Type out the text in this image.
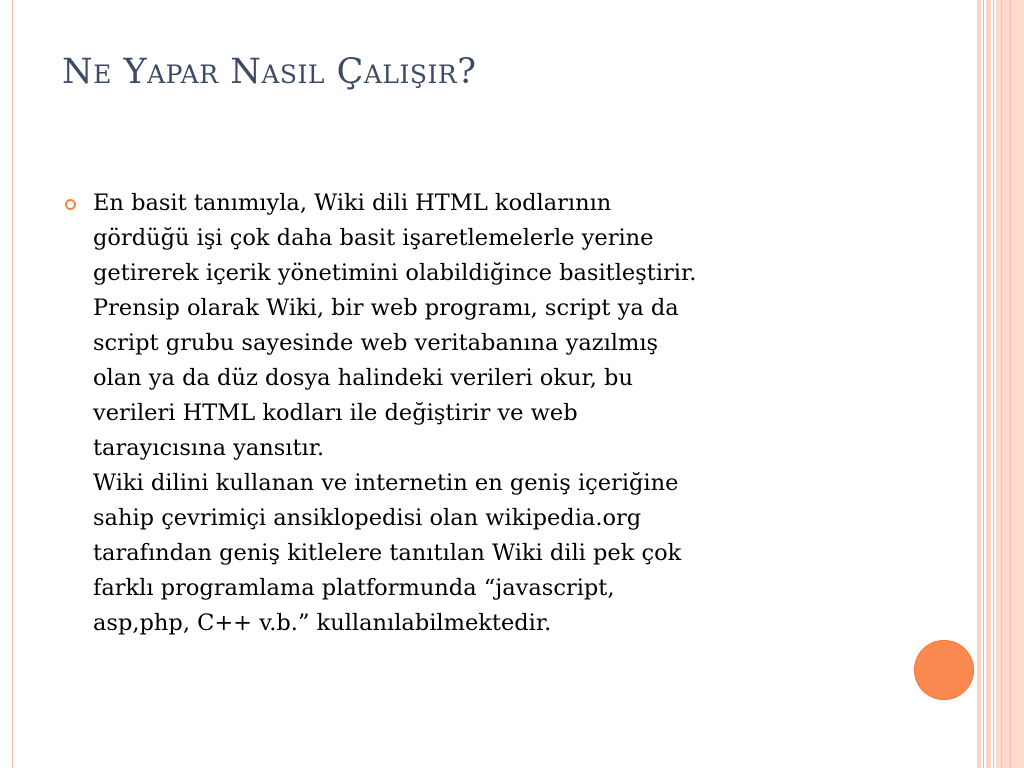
Ne Yapar Nasıl Çalışır?

En basit tanımıyla, Wiki dili HTML kodlarının
gördüğü işi çok daha basit işaretlemelerle yerine
getirerek içerik yönetimini olabildiğince basitleştirir.
Prensip olarak Wiki, bir web programı, script ya da
script grubu sayesinde web veritabanına yazılmış
olan ya da düz dosya halindeki verileri okur, bu
verileri HTML kodları ile değiştirir ve web
tarayıcısına yansıtır.
Wiki dilini kullanan ve internetin en geniş içeriğine
sahip çevrimiçi ansiklopedisi olan wikipedia.org
tarafından geniş kitlelere tanıtılan Wiki dili pek çok
farklı programlama platformunda “javascript,
asp,php, C++ v.b.” kullanılabilmektedir.
